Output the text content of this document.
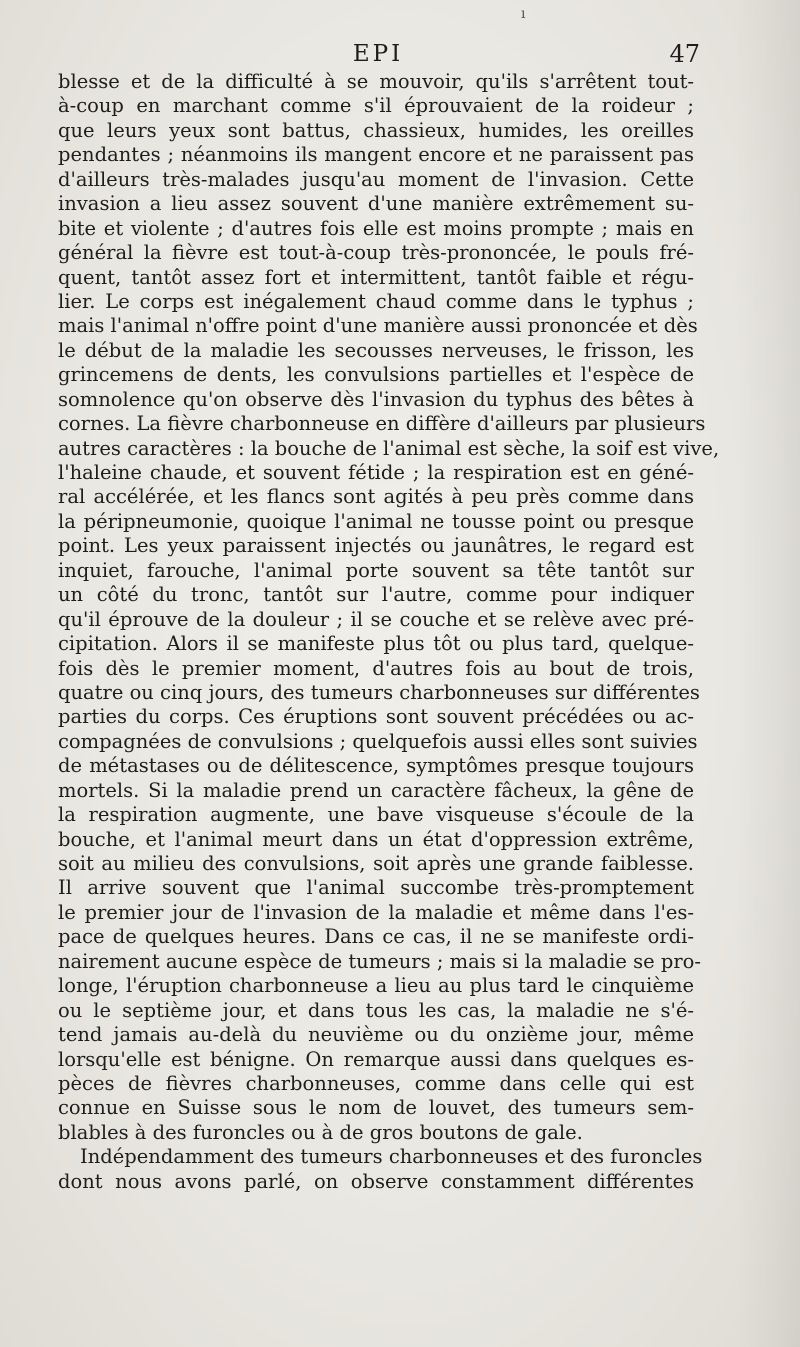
ı
EPI	47
blesse et de la difficulté à se mouvoir, qu'ils s'arrêtent tout-
à-coup en marchant comme s'il éprouvaient de la roideur ;
que leurs yeux sont battus, chassieux, humides, les oreilles
pendantes ; néanmoins ils mangent encore et ne paraissent pas
d'ailleurs très-malades jusqu'au moment de l'invasion. Cette
invasion a lieu assez souvent d'une manière extrêmement su-
bite et violente ; d'autres fois elle est moins prompte ; mais en
général la fièvre est tout-à-coup très-prononcée, le pouls fré-
quent, tantôt assez fort et intermittent, tantôt faible et régu-
lier. Le corps est inégalement chaud comme dans le typhus ;
mais l'animal n'offre point d'une manière aussi prononcée et dès
le début de la maladie les secousses nerveuses, le frisson, les
grincemens de dents, les convulsions partielles et l'espèce de
somnolence qu'on observe dès l'invasion du typhus des bêtes à
cornes. La fièvre charbonneuse en diffère d'ailleurs par plusieurs
autres caractères : la bouche de l'animal est sèche, la soif est vive,
l'haleine chaude, et souvent fétide ; la respiration est en géné-
ral accélérée, et les flancs sont agités à peu près comme dans
la péripneumonie, quoique l'animal ne tousse point ou presque
point. Les yeux paraissent injectés ou jaunâtres, le regard est
inquiet, farouche, l'animal porte souvent sa tête tantôt sur
un côté du tronc, tantôt sur l'autre, comme pour indiquer
qu'il éprouve de la douleur ; il se couche et se relève avec pré-
cipitation. Alors il se manifeste plus tôt ou plus tard, quelque-
fois dès le premier moment, d'autres fois au bout de trois,
quatre ou cinq jours, des tumeurs charbonneuses sur différentes
parties du corps. Ces éruptions sont souvent précédées ou ac-
compagnées de convulsions ; quelquefois aussi elles sont suivies
de métastases ou de délitescence, symptômes presque toujours
mortels. Si la maladie prend un caractère fâcheux, la gêne de
la respiration augmente, une bave visqueuse s'écoule de la
bouche, et l'animal meurt dans un état d'oppression extrême,
soit au milieu des convulsions, soit après une grande faiblesse.
Il arrive souvent que l'animal succombe très-promptement
le premier jour de l'invasion de la maladie et même dans l'es-
pace de quelques heures. Dans ce cas, il ne se manifeste ordi-
nairement aucune espèce de tumeurs ; mais si la maladie se pro-
longe, l'éruption charbonneuse a lieu au plus tard le cinquième
ou le septième jour, et dans tous les cas, la maladie ne s'é-
tend jamais au-delà du neuvième ou du onzième jour, même
lorsqu'elle est bénigne. On remarque aussi dans quelques es-
pèces de fièvres charbonneuses, comme dans celle qui est
connue en Suisse sous le nom de louvet, des tumeurs sem-
blables à des furoncles ou à de gros boutons de gale.
Indépendamment des tumeurs charbonneuses et des furoncles
dont nous avons parlé, on observe constamment différentes
